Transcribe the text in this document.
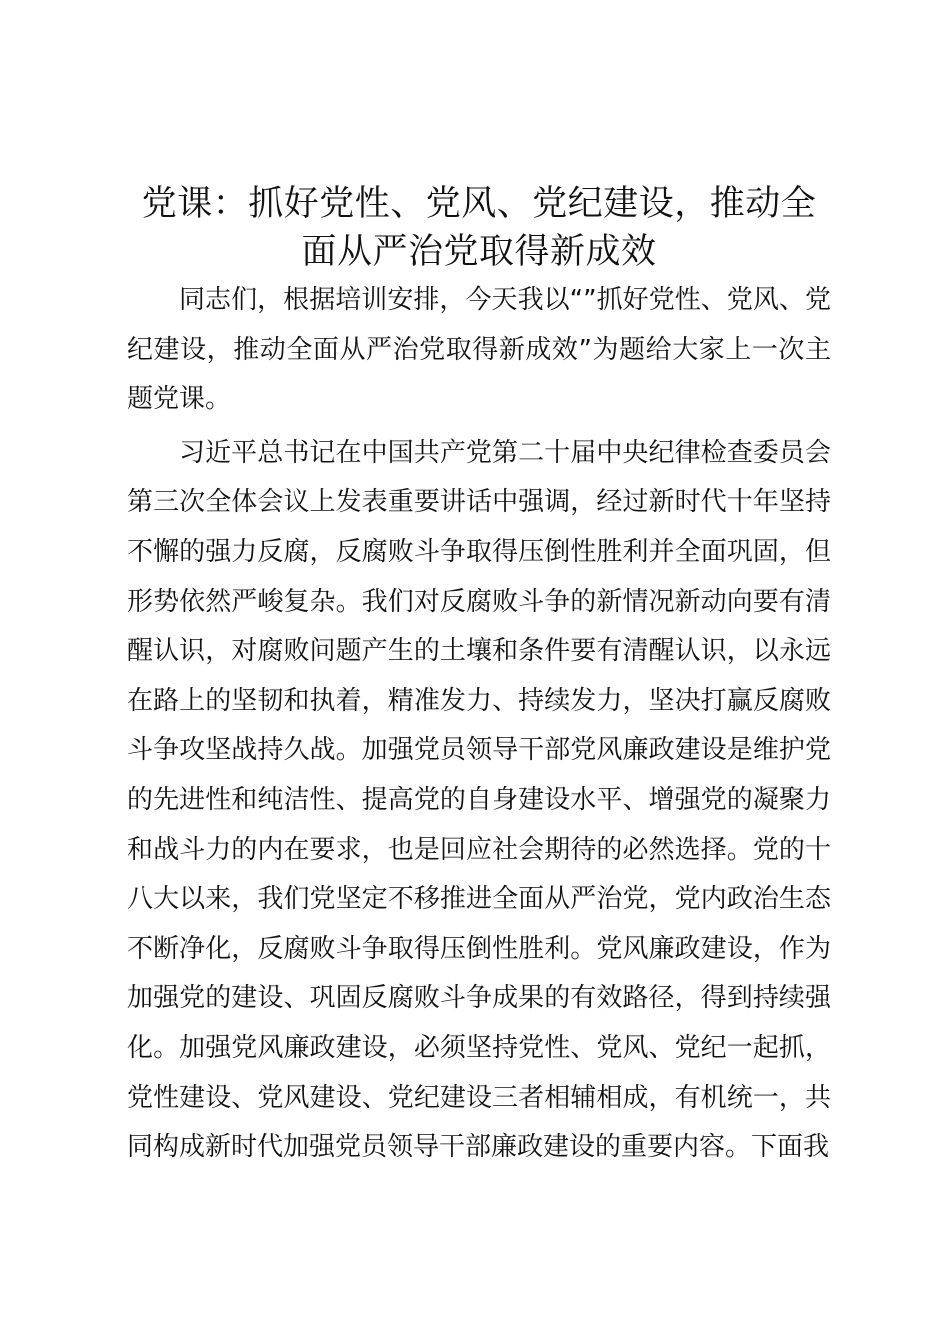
党课：抓好党性、党风、党纪建设，推动全面从严治党取得新成效

同志们，根据培训安排，今天我以“”抓好党性、党风、党纪建设，推动全面从严治党取得新成效”为题给大家上一次主题党课。

习近平总书记在中国共产党第二十届中央纪律检查委员会第三次全体会议上发表重要讲话中强调，经过新时代十年坚持不懈的强力反腐，反腐败斗争取得压倒性胜利并全面巩固，但形势依然严峻复杂。我们对反腐败斗争的新情况新动向要有清醒认识，对腐败问题产生的土壤和条件要有清醒认识，以永远在路上的坚韧和执着，精准发力、持续发力，坚决打赢反腐败斗争攻坚战持久战。加强党员领导干部党风廉政建设是维护党的先进性和纯洁性、提高党的自身建设水平、增强党的凝聚力和战斗力的内在要求，也是回应社会期待的必然选择。党的十八大以来，我们党坚定不移推进全面从严治党，党内政治生态不断净化，反腐败斗争取得压倒性胜利。党风廉政建设，作为加强党的建设、巩固反腐败斗争成果的有效路径，得到持续强化。加强党风廉政建设，必须坚持党性、党风、党纪一起抓，党性建设、党风建设、党纪建设三者相辅相成，有机统一，共同构成新时代加强党员领导干部廉政建设的重要内容。下面我
